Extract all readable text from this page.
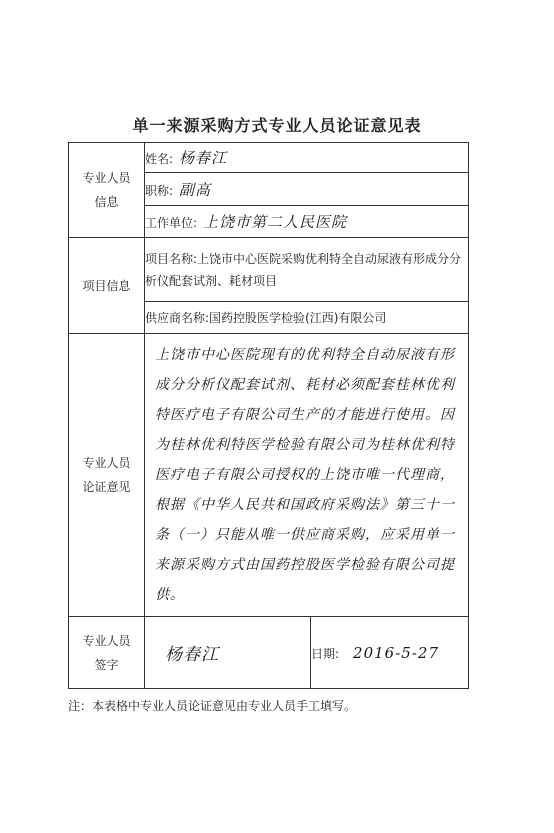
单一来源采购方式专业人员论证意见表
专业人员信息	姓名: 杨春江	
	职称: 副高	
	工作单位: 上饶市第二人民医院	
项目信息	项目名称:上饶市中心医院采购优利特全自动尿液有形成分分析仪配套试剂、耗材项目	
	供应商名称:国药控股医学检验(江西)有限公司	

专业人员论证意见	上饶市中心医院现有的优利特全自动尿液有形成分分析仪配套试剂、耗材必须配套桂林优利特医疗电子有限公司生产的才能进行使用。因为桂林优利特医学检验有限公司为桂林优利特医疗电子有限公司授权的上饶市唯一代理商，根据《中华人民共和国政府采购法》第三十一条（一）只能从唯一供应商采购，应采用单一来源采购方式由国药控股医学检验有限公司提供。	

专业人员签字	杨春江	日期: 2016-5-27
注：本表格中专业人员论证意见由专业人员手工填写。
